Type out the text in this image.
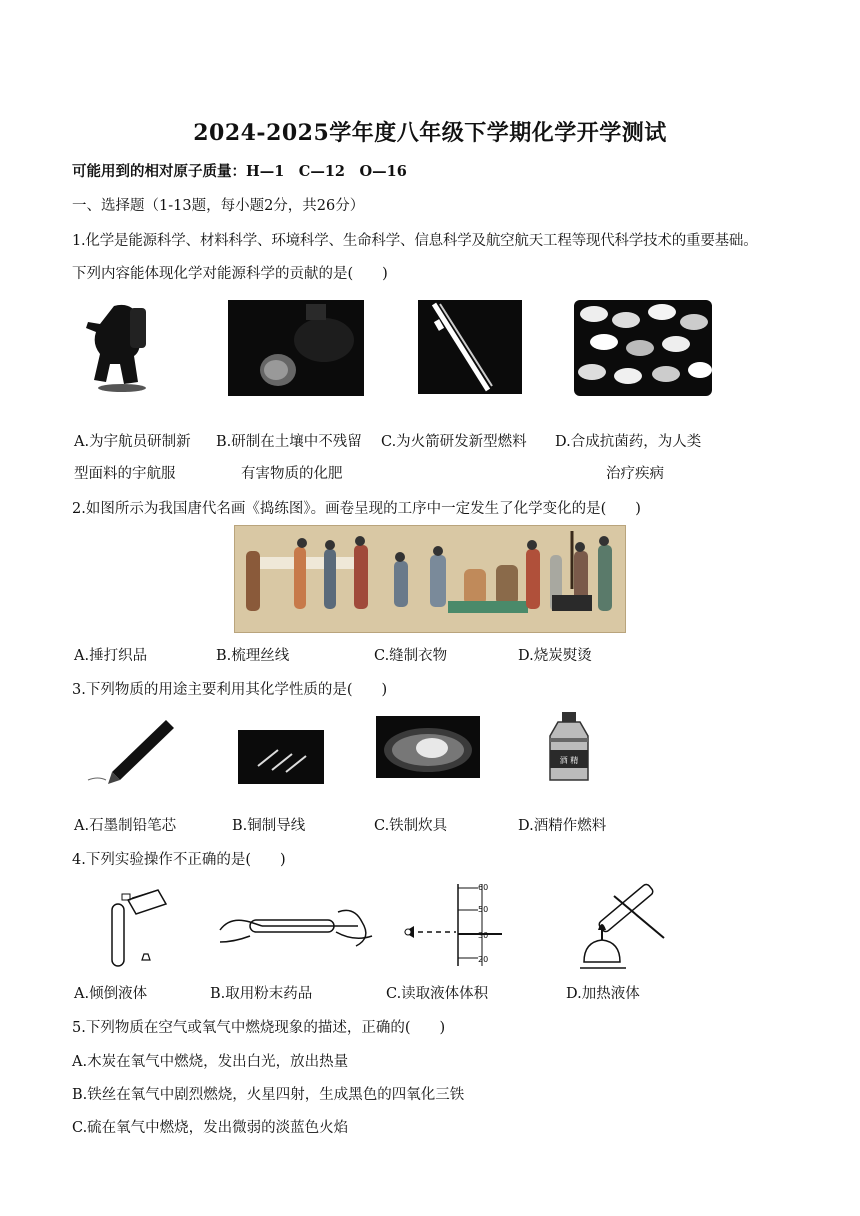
2024-2025学年度八年级下学期化学开学测试
可能用到的相对原子质量：H—1　C—12　O—16
一、选择题（1-13题，每小题2分，共26分）
1.化学是能源科学、材料科学、环境科学、生命科学、信息科学及航空航天工程等现代科学技术的重要基础。
下列内容能体现化学对能源科学的贡献的是(　　)
A.为宇航员研制新
型面料的宇航服
B.研制在土壤中不残留
有害物质的化肥
C.为火箭研发新型燃料 D.合成抗菌药，为人类
治疗疾病
2.如图所示为我国唐代名画《捣练图》。画卷呈现的工序中一定发生了化学变化的是(　　)
A.捶打织品	B.梳理丝线	C.缝制衣物	D.烧炭熨烫
3.下列物质的用途主要利用其化学性质的是(　　)
酒 精
A.石墨制铅笔芯	B.铜制导线	C.铁制炊具	D.酒精作燃料
4.下列实验操作不正确的是(　　)
60
50
30
20
A.倾倒液体	B.取用粉末药品	C.读取液体体积	D.加热液体
5.下列物质在空气或氧气中燃烧现象的描述，正确的(　　)
A.木炭在氧气中燃烧，发出白光，放出热量
B.铁丝在氧气中剧烈燃烧，火星四射，生成黑色的四氧化三铁
C.硫在氧气中燃烧，发出微弱的淡蓝色火焰
